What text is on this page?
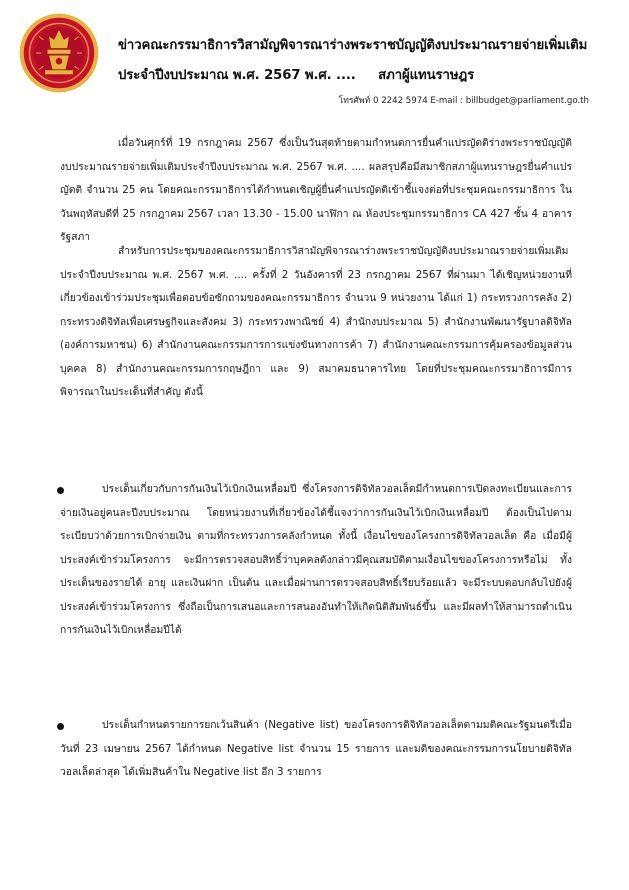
ข่าวคณะกรรมาธิการวิสามัญพิจารณาร่างพระราชบัญญัติงบประมาณรายจ่ายเพิ่มเติม
ประจำปีงบประมาณ พ.ศ. 2567 พ.ศ. ....     สภาผู้แทนราษฎร
โทรศัพท์ 0 2242 5974 E-mail : billbudget@parliament.go.th

เมื่อวันศุกร์ที่ 19 กรกฎาคม 2567 ซึ่งเป็นวันสุดท้ายตามกำหนดการยื่นคำแปรญัตติร่างพระราชบัญญัติงบประมาณรายจ่ายเพิ่มเติมประจำปีงบประมาณ พ.ศ. 2567 พ.ศ. .... ผลสรุปคือมีสมาชิกสภาผู้แทนราษฎรยื่นคำแปรญัตติ จำนวน 25 คน โดยคณะกรรมาธิการได้กำหนดเชิญผู้ยื่นคำแปรญัตติเข้าชี้แจงต่อที่ประชุมคณะกรรมาธิการ ในวันพฤหัสบดีที่ 25 กรกฎาคม 2567 เวลา 13.30 - 15.00 นาฬิกา ณ ห้องประชุมกรรมาธิการ CA 427 ชั้น 4 อาคารรัฐสภา

สำหรับการประชุมของคณะกรรมาธิการวิสามัญพิจารณาร่างพระราชบัญญัติงบประมาณรายจ่ายเพิ่มเติมประจำปีงบประมาณ พ.ศ. 2567 พ.ศ. .... ครั้งที่ 2 วันอังคารที่ 23 กรกฎาคม 2567 ที่ผ่านมา ได้เชิญหน่วยงานที่เกี่ยวข้องเข้าร่วมประชุมเพื่อตอบข้อซักถามของคณะกรรมาธิการ จำนวน 9 หน่วยงาน ได้แก่ 1) กระทรวงการคลัง 2) กระทรวงดิจิทัลเพื่อเศรษฐกิจและสังคม 3) กระทรวงพาณิชย์ 4) สำนักงบประมาณ 5) สำนักงานพัฒนารัฐบาลดิจิทัล (องค์การมหาชน) 6) สำนักงานคณะกรรมการการแข่งขันทางการค้า 7) สำนักงานคณะกรรมการคุ้มครองข้อมูลส่วนบุคคล 8) สำนักงานคณะกรรมการกฤษฎีกา และ 9) สมาคมธนาคารไทย โดยที่ประชุมคณะกรรมาธิการมีการพิจารณาในประเด็นที่สำคัญ ดังนี้

ประเด็นเกี่ยวกับการกันเงินไว้เบิกเงินเหลื่อมปี ซึ่งโครงการดิจิทัลวอลเล็ตมีกำหนดการเปิดลงทะเบียนและการจ่ายเงินอยู่คนละปีงบประมาณ โดยหน่วยงานที่เกี่ยวข้องได้ชี้แจงว่าการกันเงินไว้เบิกเงินเหลื่อมปี ต้องเป็นไปตามระเบียบว่าด้วยการเบิกจ่ายเงิน ตามที่กระทรวงการคลังกำหนด ทั้งนี้ เงื่อนไขของโครงการดิจิทัลวอลเล็ต คือ เมื่อมีผู้ประสงค์เข้าร่วมโครงการ จะมีการตรวจสอบสิทธิ์ว่าบุคคลดังกล่าวมีคุณสมบัติตามเงื่อนไขของโครงการหรือไม่ ทั้งประเด็นของรายได้ อายุ และเงินฝาก เป็นต้น และเมื่อผ่านการตรวจสอบสิทธิ์เรียบร้อยแล้ว จะมีระบบตอบกลับไปยังผู้ประสงค์เข้าร่วมโครงการ ซึ่งถือเป็นการเสนอและการสนองอันทำให้เกิดนิติสัมพันธ์ขึ้น และมีผลทำให้สามารถดำเนินการกันเงินไว้เบิกเหลื่อมปีได้

ประเด็นกำหนดรายการยกเว้นสินค้า (Negative list) ของโครงการดิจิทัลวอลเล็ตตามมติคณะรัฐมนตรีเมื่อวันที่ 23 เมษายน 2567 ได้กำหนด Negative list จำนวน 15 รายการ และมติของคณะกรรมการนโยบายดิจิทัลวอลเล็ตล่าสุด ได้เพิ่มสินค้าใน Negative list อีก 3 รายการ
